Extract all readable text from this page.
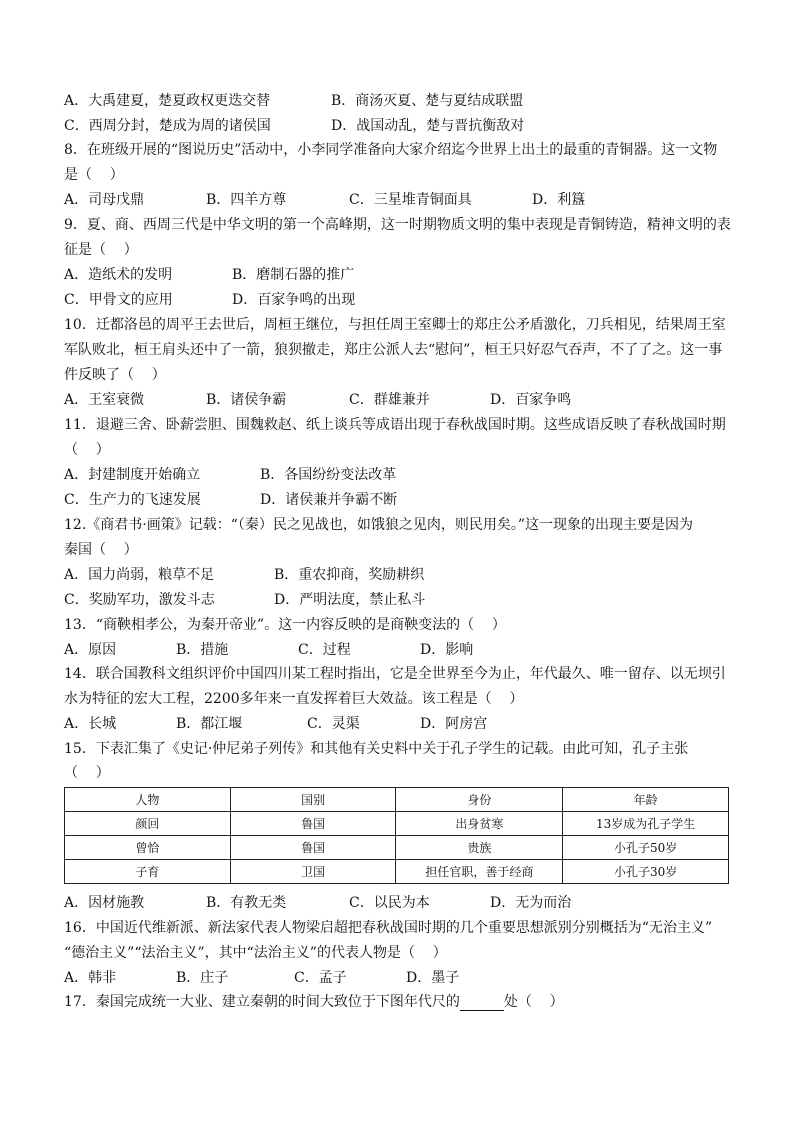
A．大禹建夏，楚夏政权更迭交替	B．商汤灭夏、楚与夏结成联盟
C．西周分封，楚成为周的诸侯国	D．战国动乱，楚与晋抗衡敌对
8．在班级开展的“图说历史”活动中，小李同学准备向大家介绍迄今世界上出土的最重的青铜器。这一文物
是（    ）
A．司母戊鼎	B．四羊方尊	C．三星堆青铜面具	D．利簋
9．夏、商、西周三代是中华文明的第一个高峰期，这一时期物质文明的集中表现是青铜铸造，精神文明的表
征是（    ）
A．造纸术的发明	B．磨制石器的推广
C．甲骨文的应用	D．百家争鸣的出现
10．迁都洛邑的周平王去世后，周桓王继位，与担任周王室卿士的郑庄公矛盾激化，刀兵相见，结果周王室
军队败北，桓王肩头还中了一箭，狼狈撤走，郑庄公派人去“慰问”，桓王只好忍气吞声，不了了之。这一事
件反映了（    ）
A．王室衰微	B．诸侯争霸	C．群雄兼并	D．百家争鸣
11．退避三舍、卧薪尝胆、围魏救赵、纸上谈兵等成语出现于春秋战国时期。这些成语反映了春秋战国时期
（    ）
A．封建制度开始确立	B．各国纷纷变法改革
C．生产力的飞速发展	D．诸侯兼并争霸不断
12.《商君书·画策》记载：“（秦）民之见战也，如饿狼之见肉，则民用矣。”这一现象的出现主要是因为
秦国（    ）
A．国力尚弱，粮草不足	B．重农抑商，奖励耕织
C．奖励军功，激发斗志	D．严明法度，禁止私斗
13．“商鞅相孝公，为秦开帝业”。这一内容反映的是商鞅变法的（    ）
A．原因	B．措施	C．过程	D．影响
14．联合国教科文组织评价中国四川某工程时指出，它是全世界至今为止，年代最久、唯一留存、以无坝引
水为特征的宏大工程，2200多年来一直发挥着巨大效益。该工程是（    ）
A．长城	B．都江堰	C．灵渠	D．阿房宫
15．下表汇集了《史记·仲尼弟子列传》和其他有关史料中关于孔子学生的记载。由此可知，孔子主张
（    ）
人物	国别	身份	年龄
颜回	鲁国	出身贫寒	13岁成为孔子学生
曾恰	鲁国	贵族	小孔子50岁
子育	卫国	担任官职，善于经商	小孔子30岁
A．因材施教	B．有教无类	C．以民为本	D．无为而治
16．中国近代维新派、新法家代表人物梁启超把春秋战国时期的几个重要思想派别分别概括为“无治主义”
“德治主义”“法治主义”，其中“法治主义”的代表人物是（    ）
A．韩非	B．庄子	C．孟子	D．墨子
17．秦国完成统一大业、建立秦朝的时间大致位于下图年代尺的	处（    ）
